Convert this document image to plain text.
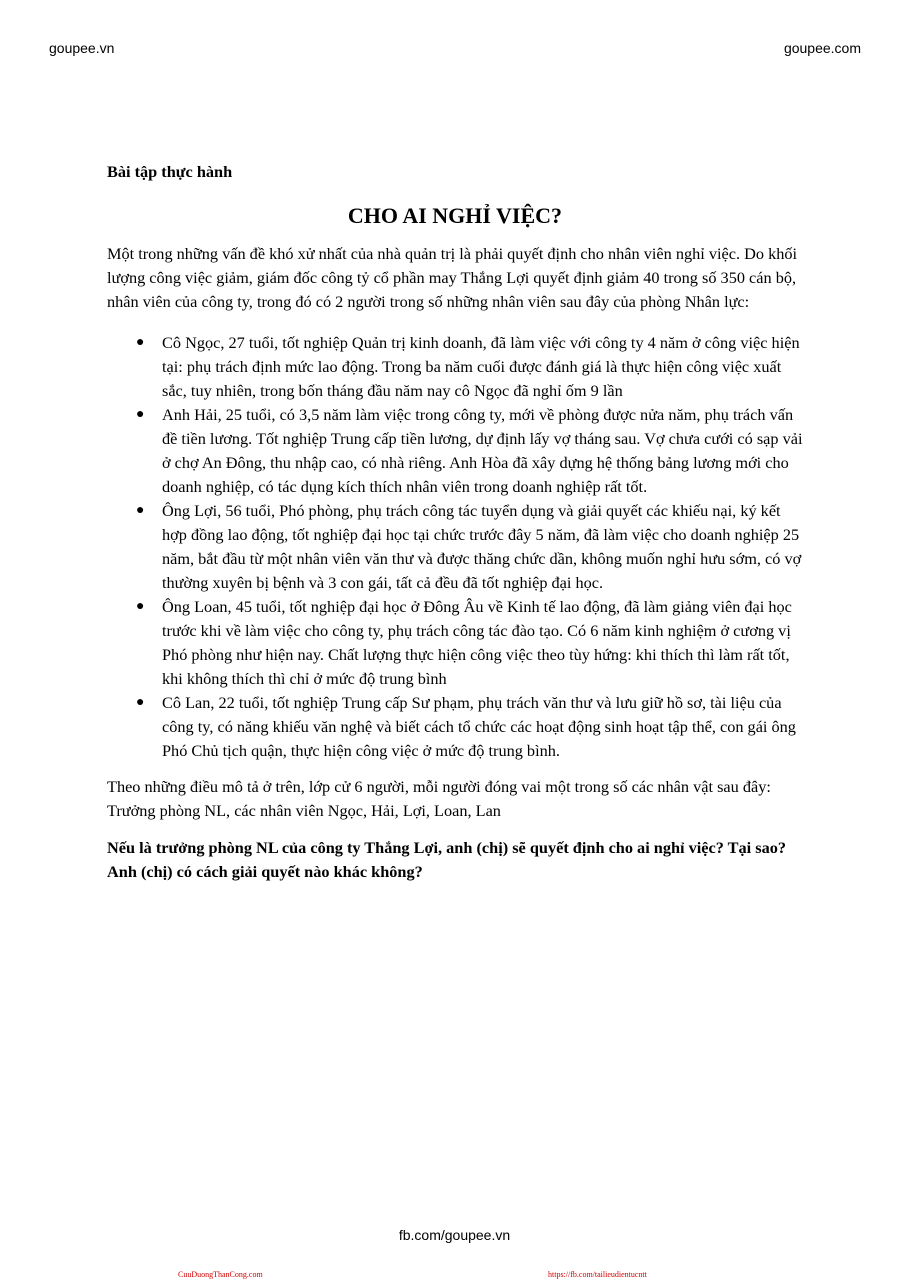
goupee.vn	goupee.com

Bài tập thực hành

CHO AI NGHỈ VIỆC?

Một trong những vấn đề khó xử nhất của nhà quản trị là phải quyết định cho nhân viên nghỉ việc. Do khối lượng công việc giảm, giám đốc công tỷ cổ phần may Thắng Lợi quyết định giảm 40 trong số 350 cán bộ, nhân viên của công ty, trong đó có 2 người trong số những nhân viên sau đây của phòng Nhân lực:

● Cô Ngọc, 27 tuổi, tốt nghiệp Quản trị kinh doanh, đã làm việc với công ty 4 năm ở công việc hiện tại: phụ trách định mức lao động. Trong ba năm cuối được đánh giá là thực hiện công việc xuất sắc, tuy nhiên, trong bốn tháng đầu năm nay cô Ngọc đã nghỉ ốm 9 lần
● Anh Hải, 25 tuổi, có 3,5 năm làm việc trong công ty, mới về phòng được nửa năm, phụ trách vấn đề tiền lương. Tốt nghiệp Trung cấp tiền lương, dự định lấy vợ tháng sau. Vợ chưa cưới có sạp vải ở chợ An Đông, thu nhập cao, có nhà riêng. Anh Hòa đã xây dựng hệ thống bảng lương mới cho doanh nghiệp, có tác dụng kích thích nhân viên trong doanh nghiệp rất tốt.
● Ông Lợi, 56 tuổi, Phó phòng, phụ trách công tác tuyển dụng và giải quyết các khiếu nại, ký kết hợp đồng lao động, tốt nghiệp đại học tại chức trước đây 5 năm, đã làm việc cho doanh nghiệp 25 năm, bắt đầu từ một nhân viên văn thư và được thăng chức dần, không muốn nghỉ hưu sớm, có vợ thường xuyên bị bệnh và 3 con gái, tất cả đều đã tốt nghiệp đại học.
● Ông Loan, 45 tuổi, tốt nghiệp đại học ở Đông Âu về Kinh tế lao động, đã làm giảng viên đại học trước khi về làm việc cho công ty, phụ trách công tác đào tạo. Có 6 năm kinh nghiệm ở cương vị Phó phòng như hiện nay. Chất lượng thực hiện công việc theo tùy hứng: khi thích thì làm rất tốt, khi không thích thì chỉ ở mức độ trung bình
● Cô Lan, 22 tuổi, tốt nghiệp Trung cấp Sư phạm, phụ trách văn thư và lưu giữ hồ sơ, tài liệu của công ty, có năng khiếu văn nghệ và biết cách tổ chức các hoạt động sinh hoạt tập thể, con gái ông Phó Chủ tịch quận, thực hiện công việc ở mức độ trung bình.

Theo những điều mô tả ở trên, lớp cử 6 người, mỗi người đóng vai một trong số các nhân vật sau đây: Trưởng phòng NL, các nhân viên Ngọc, Hải, Lợi, Loan, Lan

Nếu là trưởng phòng NL của công ty Thắng Lợi, anh (chị) sẽ quyết định cho ai nghỉ việc? Tại sao? Anh (chị) có cách giải quyết nào khác không?

fb.com/goupee.vn
CuuDuongThanCong.com	https://fb.com/tailieudientucntt
